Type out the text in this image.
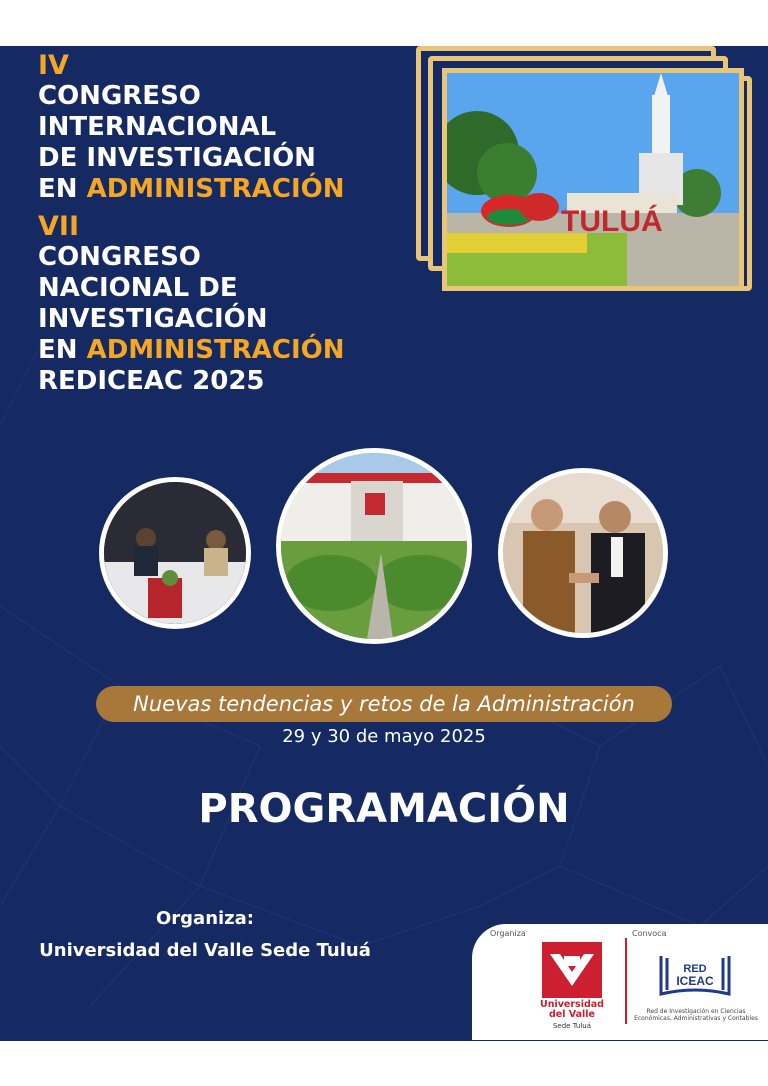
IV
CONGRESO
INTERNACIONAL
DE INVESTIGACIÓN
EN ADMINISTRACIÓN
VII
CONGRESO
NACIONAL DE
INVESTIGACIÓN
EN ADMINISTRACIÓN
REDICEAC 2025
TULUÁ
Nuevas tendencias y retos de la Administración
29 y 30 de mayo 2025
PROGRAMACIÓN
Organiza:
Universidad del Valle Sede Tuluá
Organiza	Convoca
Universidad del Valle
Sede Tuluá
RED
ICEAC
Red de Investigación en Ciencias Económicas, Administrativas y Contables
